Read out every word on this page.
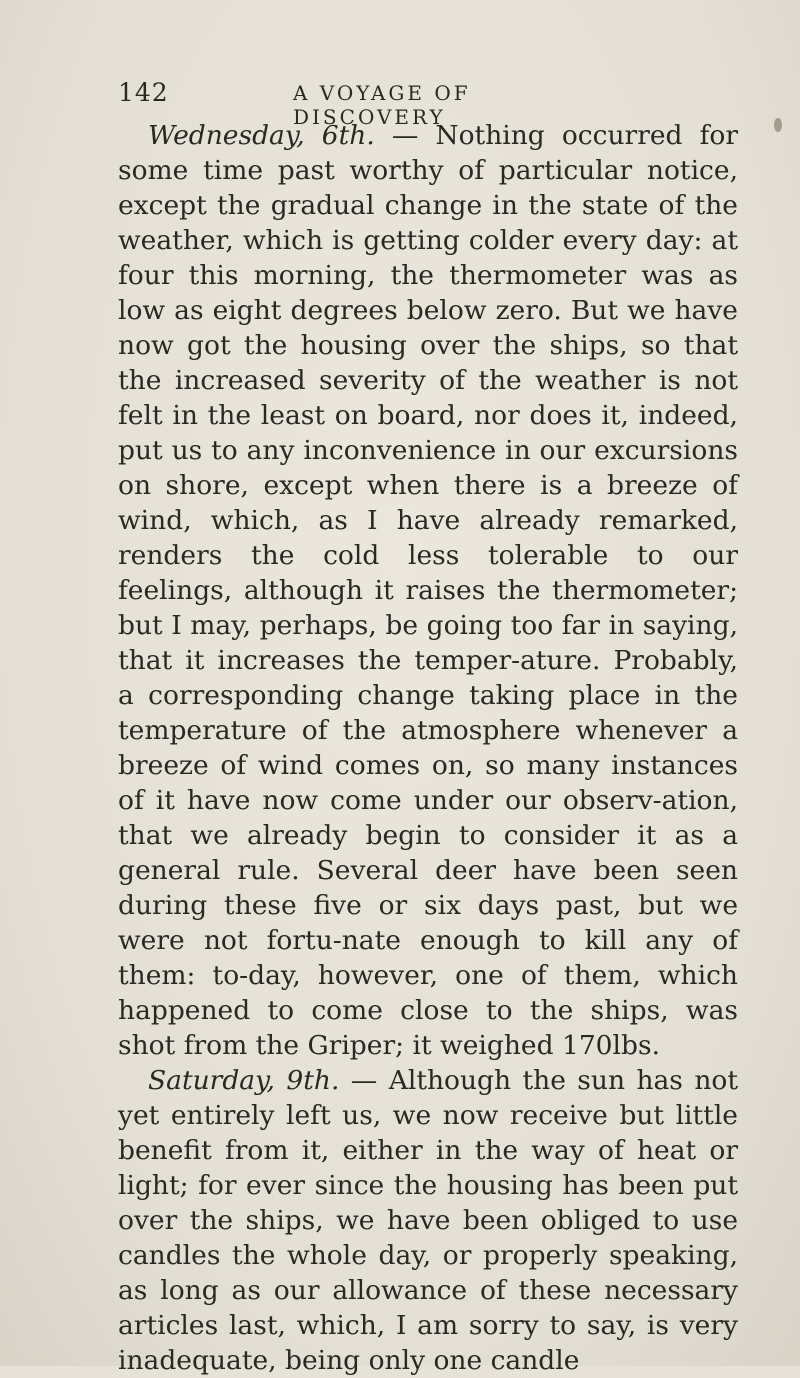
142	A VOYAGE OF DISCOVERY

Wednesday, 6th. — Nothing occurred for some time past worthy of particular notice, except the gradual change in the state of the weather, which is getting colder every day: at four this morning, the thermometer was as low as eight degrees below zero. But we have now got the housing over the ships, so that the increased severity of the weather is not felt in the least on board, nor does it, indeed, put us to any inconvenience in our excursions on shore, except when there is a breeze of wind, which, as I have already remarked, renders the cold less tolerable to our feelings, although it raises the thermometer; but I may, perhaps, be going too far in saying, that it increases the temper-ature. Probably, a corresponding change taking place in the temperature of the atmosphere whenever a breeze of wind comes on, so many instances of it have now come under our observ-ation, that we already begin to consider it as a general rule. Several deer have been seen during these five or six days past, but we were not fortu-nate enough to kill any of them: to-day, however, one of them, which happened to come close to the ships, was shot from the Griper; it weighed 170lbs.

Saturday, 9th. — Although the sun has not yet entirely left us, we now receive but little benefit from it, either in the way of heat or light; for ever since the housing has been put over the ships, we have been obliged to use candles the whole day, or properly speaking, as long as our allowance of these necessary articles last, which, I am sorry to say, is very inadequate, being only one candle
